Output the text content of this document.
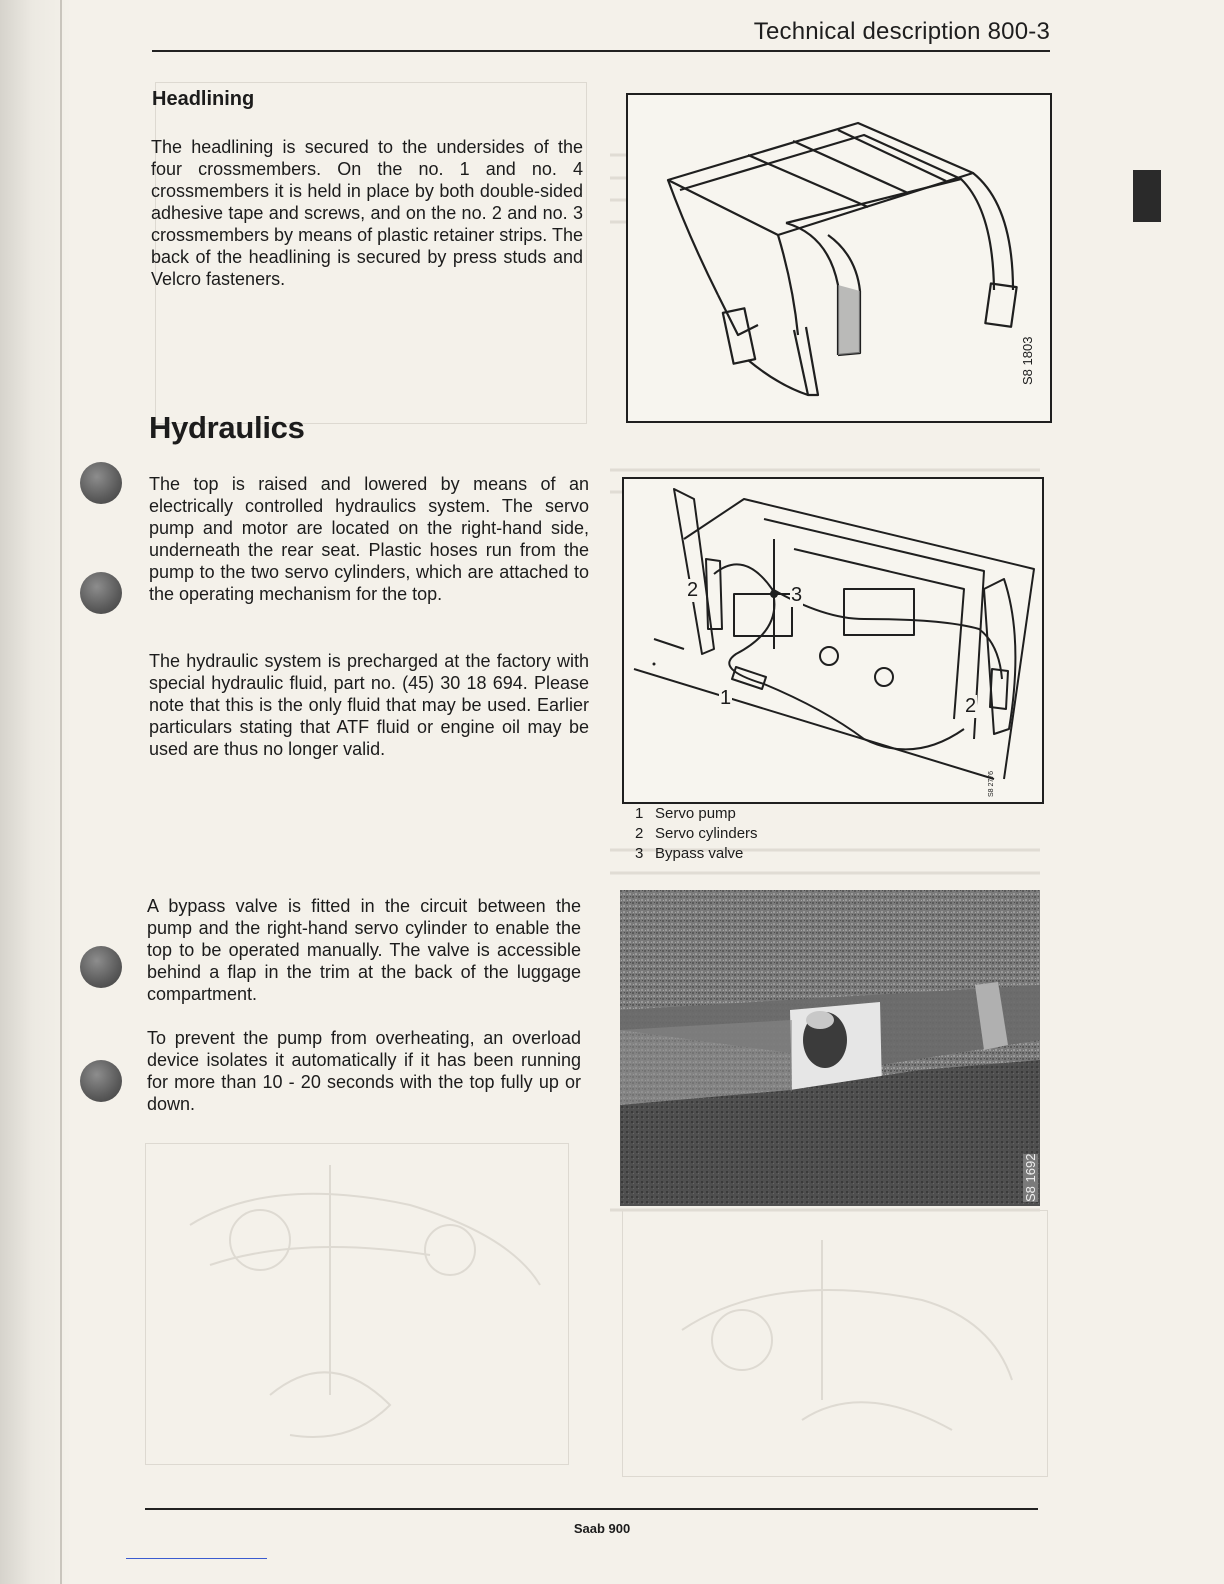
Technical description 800-3
Headlining

The headlining is secured to the undersides of the four crossmembers. On the no. 1 and no. 4 crossmembers it is held in place by both double-sided adhesive tape and screws, and on the no. 2 and no. 3 crossmembers by means of plastic retainer strips. The back of the headlining is secured by press studs and Velcro fasteners.

Hydraulics

The top is raised and lowered by means of an electrically controlled hydraulics system. The servo pump and motor are located on the right-hand side, underneath the rear seat. Plastic hoses run from the pump to the two servo cylinders, which are attached to the operating mechanism for the top.

The hydraulic system is precharged at the factory with special hydraulic fluid, part no. (45) 30 18 694. Please note that this is the only fluid that may be used. Earlier particulars stating that ATF fluid or engine oil may be used are thus no longer valid.

A bypass valve is fitted in the circuit between the pump and the right-hand servo cylinder to enable the top to be operated manually. The valve is accessible behind a flap in the trim at the back of the luggage compartment.

To prevent the pump from overheating, an overload device isolates it automatically if it has been running for more than 10 - 20 seconds with the top fully up or down.

S8 1803
2	3
1	2
S8 2776
1 Servo pump
2 Servo cylinders
3 Bypass valve
S8 1692
Saab 900
